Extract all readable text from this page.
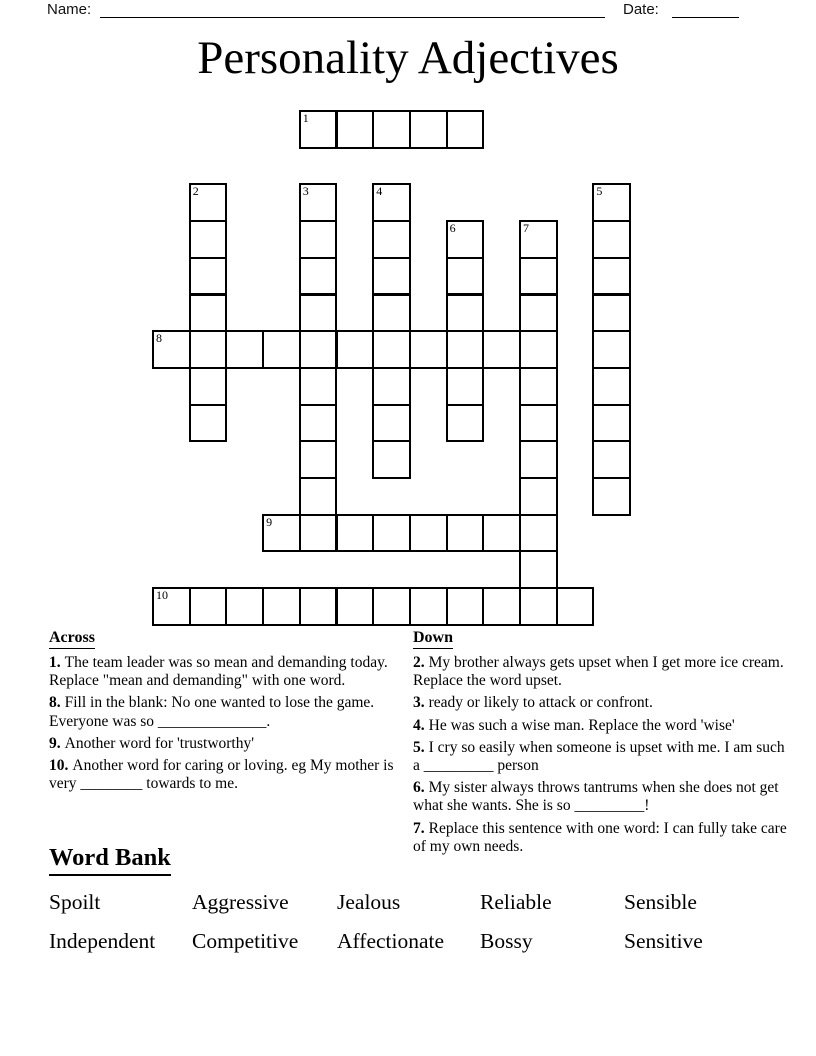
Name:	Date:
Personality Adjectives
1
2	3	4	5
6	7
8
9
10
Across

1. The team leader was so mean and demanding today. Replace "mean and demanding" with one word.

8. Fill in the blank: No one wanted to lose the game. Everyone was so ______________.

9. Another word for 'trustworthy'

10. Another word for caring or loving. eg My mother is very ________ towards to me.

Down

2. My brother always gets upset when I get more ice cream. Replace the word upset.

3. ready or likely to attack or confront.

4. He was such a wise man. Replace the word 'wise'

5. I cry so easily when someone is upset with me. I am such a _________ person

6. My sister always throws tantrums when she does not get what she wants. She is so _________!

7. Replace this sentence with one word: I can fully take care of my own needs.

Word Bank
Spoilt	Aggressive	Jealous	Reliable	Sensible
Independent	Competitive	Affectionate	Bossy	Sensitive
